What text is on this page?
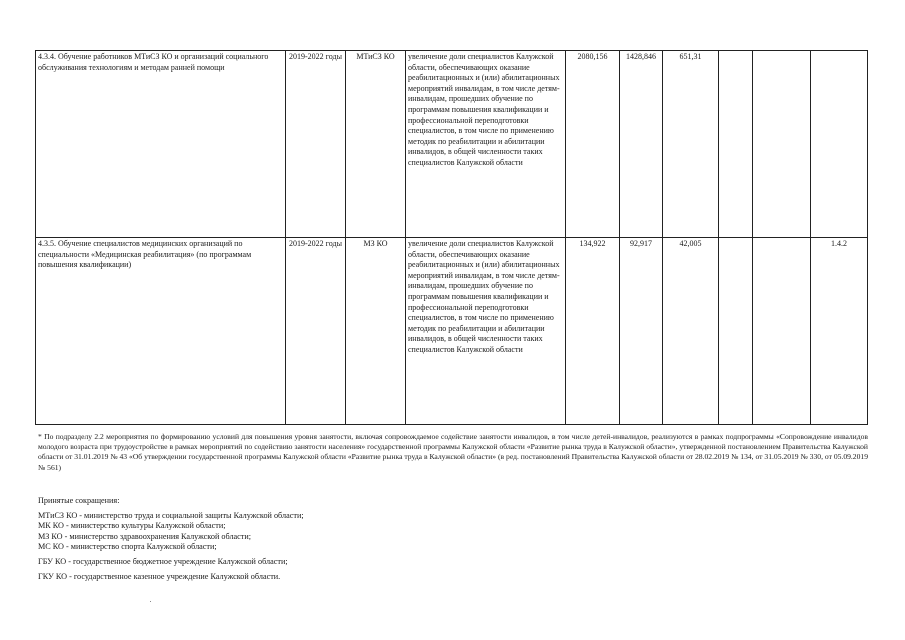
4.3.4. Обучение работников МТиСЗ КО и организаций социального обслуживания технологиям и методам ранней помощи	2019-2022 годы	МТиСЗ КО	увеличение доли специалистов Калужской области, обеспечивающих оказание реабилитационных и (или) абилитационных мероприятий инвалидам, в том числе детям-инвалидам, прошедших обучение по программам повышения квалификации и профессиональной переподготовки специалистов, в том числе по применению методик по реабилитации и абилитации инвалидов, в общей численности таких специалистов Калужской области	2080,156	1428,846	651,31			
4.3.5. Обучение специалистов медицинских организаций по специальности «Медицинская реабилитация» (по программам повышения квалификации)	2019-2022 годы	МЗ КО	увеличение доли специалистов Калужской области, обеспечивающих оказание реабилитационных и (или) абилитационных мероприятий инвалидам, в том числе детям-инвалидам, прошедших обучение по программам повышения квалификации и профессиональной переподготовки специалистов, в том числе по применению методик по реабилитации и абилитации инвалидов, в общей численности таких специалистов Калужской области	134,922	92,917	42,005			1.4.2
* По подразделу 2.2 мероприятия по формированию условий для повышения уровня занятости, включая сопровождаемое содействие занятости инвалидов, в том числе детей-инвалидов, реализуются в рамках подпрограммы «Сопровождение инвалидов молодого возраста при трудоустройстве в рамках мероприятий по содействию занятости населения» государственной программы Калужской области «Развитие рынка труда в Калужской области», утвержденной постановлением Правительства Калужской области от 31.01.2019 № 43 «Об утверждении государственной программы Калужской области «Развитие рынка труда в Калужской области» (в ред. постановлений Правительства Калужской области от 28.02.2019 № 134, от 31.05.2019 № 330, от 05.09.2019 № 561)
Принятые сокращения:
МТиСЗ КО - министерство труда и социальной защиты Калужской области;
МК КО - министерство культуры Калужской области;
МЗ КО - министерство здравоохранения Калужской области;
МС КО - министерство спорта Калужской области;
ГБУ КО - государственное бюджетное учреждение Калужской области;
ГКУ КО - государственное казенное учреждение Калужской области.
